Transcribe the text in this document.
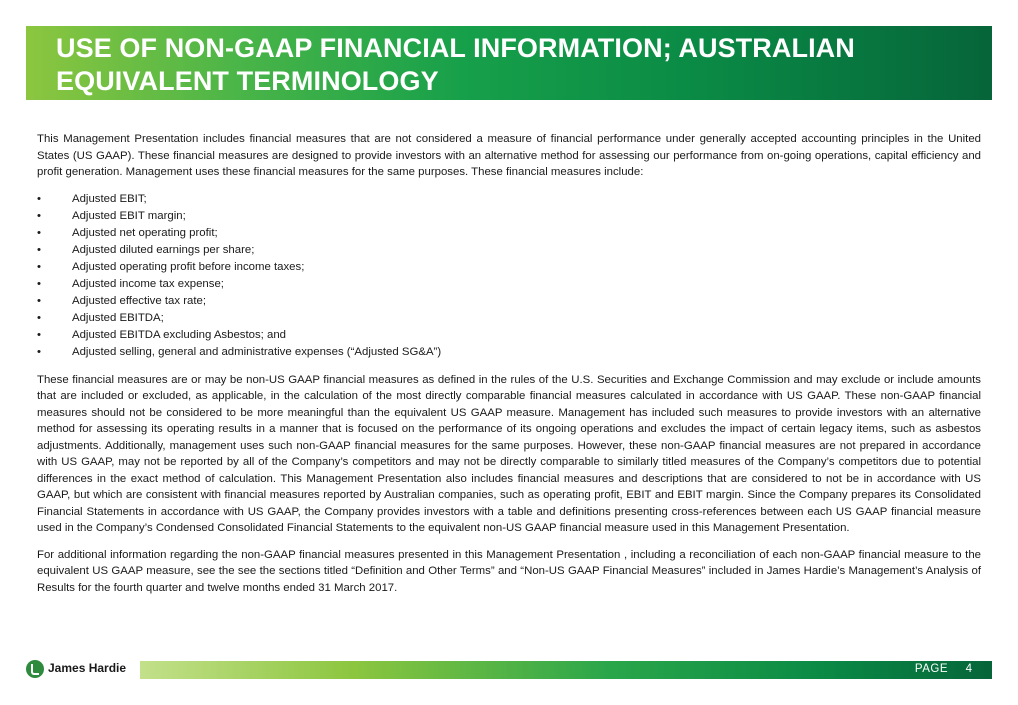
USE OF NON-GAAP FINANCIAL INFORMATION; AUSTRALIAN EQUIVALENT TERMINOLOGY

This Management Presentation includes financial measures that are not considered a measure of financial performance under generally accepted accounting principles in the United States (US GAAP). These financial measures are designed to provide investors with an alternative method for assessing our performance from on-going operations, capital efficiency and profit generation. Management uses these financial measures for the same purposes. These financial measures include:

•	Adjusted EBIT;
•	Adjusted EBIT margin;
•	Adjusted net operating profit;
•	Adjusted diluted earnings per share;
•	Adjusted operating profit before income taxes;
•	Adjusted income tax expense;
•	Adjusted effective tax rate;
•	Adjusted EBITDA;
•	Adjusted EBITDA excluding Asbestos; and
•	Adjusted selling, general and administrative expenses (“Adjusted SG&A”)

These financial measures are or may be non-US GAAP financial measures as defined in the rules of the U.S. Securities and Exchange Commission and may exclude or include amounts that are included or excluded, as applicable, in the calculation of the most directly comparable financial measures calculated in accordance with US GAAP. These non-GAAP financial measures should not be considered to be more meaningful than the equivalent US GAAP measure. Management has included such measures to provide investors with an alternative method for assessing its operating results in a manner that is focused on the performance of its ongoing operations and excludes the impact of certain legacy items, such as asbestos adjustments. Additionally, management uses such non-GAAP financial measures for the same purposes. However, these non-GAAP financial measures are not prepared in accordance with US GAAP, may not be reported by all of the Company’s competitors and may not be directly comparable to similarly titled measures of the Company’s competitors due to potential differences in the exact method of calculation. This Management Presentation also includes financial measures and descriptions that are considered to not be in accordance with US GAAP, but which are consistent with financial measures reported by Australian companies, such as operating profit, EBIT and EBIT margin. Since the Company prepares its Consolidated Financial Statements in accordance with US GAAP, the Company provides investors with a table and definitions presenting cross-references between each US GAAP financial measure used in the Company’s Condensed Consolidated Financial Statements to the equivalent non-US GAAP financial measure used in this Management Presentation.

For additional information regarding the non-GAAP financial measures presented in this Management Presentation , including a reconciliation of each non-GAAP financial measure to the equivalent US GAAP measure, see the see the sections titled “Definition and Other Terms” and “Non-US GAAP Financial Measures” included in James Hardie’s Management’s Analysis of Results for the fourth quarter and twelve months ended 31 March 2017.

James Hardie	PAGE 4
